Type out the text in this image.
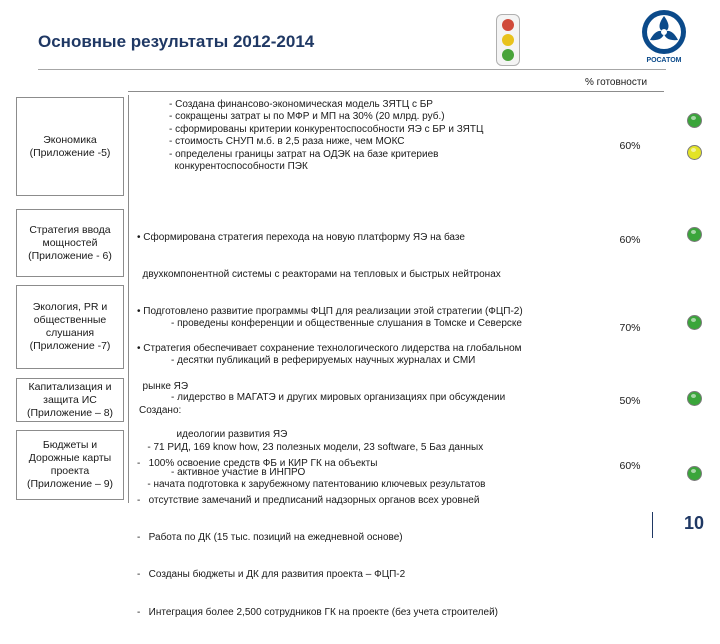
Основные результаты 2012-2014
РОСАТОМ
% готовности
Экономика
(Приложение -5)
- Создана финансово-экономическая модель ЗЯТЦ с БР
- сокращены затрат ы по МФР и МП на 30% (20 млрд. руб.)
- сформированы критерии конкурентоспособности ЯЭ с БР и ЗЯТЦ
- стоимость СНУП м.б. в 2,5 раза ниже, чем МОКС
- определены границы затрат на ОДЭК на базе критериев
конкурентоспособности ПЭК
60%
Стратегия ввода
мощностей
(Приложение - 6)

• Сформирована стратегия перехода на новую платформу ЯЭ на базе

двухкомпонентной системы с реакторами на тепловых и быстрых нейтронах

• Подготовлено развитие программы ФЦП для реализации этой стратегии (ФЦП-2)

• Стратегия обеспечивает сохранение технологического лидерства на глобальном

рынке ЯЭ

60%
Экология, PR и
общественные
слушания
(Приложение -7)

- проведены конференции и общественные слушания в Томске и Северске

- десятки публикаций в реферируемых научных журналах и СМИ

- лидерство в МАГАТЭ и других мировых организациях при обсуждении

идеологии развития ЯЭ

- активное участие в ИНПРО

70%
Капитализация и
защита ИС
(Приложение – 8)

	Создано:

- 71 РИД, 169 know how, 23 полезных модели, 23 software, 5 Баз данных

- начата подготовка к зарубежному патентованию ключевых результатов

50%
Бюджеты и
Дорожные карты
проекта
(Приложение – 9)

-   100% освоение средств ФБ и КИР ГК на объекты

-   отсутствие замечаний и предписаний надзорных органов всех уровней

-   Работа по ДК (15 тыс. позиций на ежедневной основе)

-   Созданы бюджеты и ДК для развития проекта – ФЦП-2

-   Интеграция более 2,500 сотрудников ГК на проекте (без учета строителей)

60%
10
